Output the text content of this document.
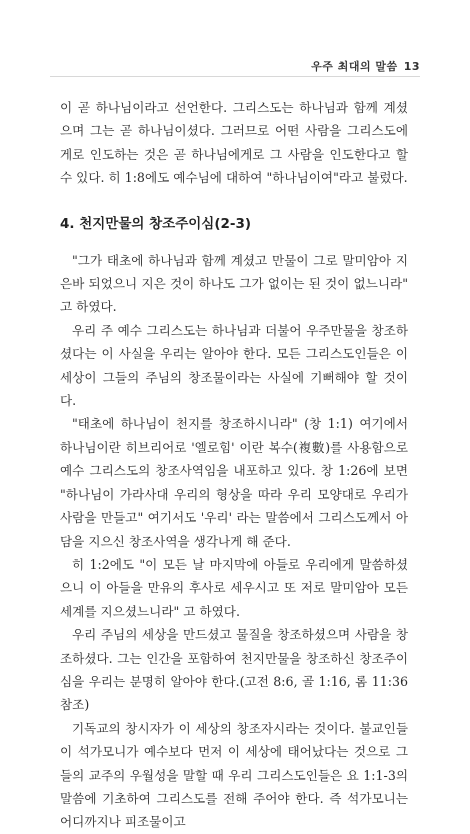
우주 최대의 말씀 13

이 곧 하나님이라고 선언한다. 그리스도는 하나님과 함께 계셨으며 그는 곧 하나님이셨다. 그러므로 어떤 사람을 그리스도에게로 인도하는 것은 곧 하나님에게로 그 사람을 인도한다고 할 수 있다. 히 1:8에도 예수님에 대하여 "하나님이여"라고 불렀다.

4. 천지만물의 창조주이심(2-3)

"그가 태초에 하나님과 함께 계셨고 만물이 그로 말미암아 지은바 되었으니 지은 것이 하나도 그가 없이는 된 것이 없느니라" 고 하였다.

우리 주 예수 그리스도는 하나님과 더불어 우주만물을 창조하셨다는 이 사실을 우리는 알아야 한다. 모든 그리스도인들은 이 세상이 그들의 주님의 창조물이라는 사실에 기뻐해야 할 것이다.

"태초에 하나님이 천지를 창조하시니라" (창 1:1) 여기에서 하나님이란 히브리어로 '엘로힘' 이란 복수(複數)를 사용함으로 예수 그리스도의 창조사역임을 내포하고 있다. 창 1:26에 보면 "하나님이 가라사대 우리의 형상을 따라 우리 모양대로 우리가 사람을 만들고" 여기서도 '우리' 라는 말씀에서 그리스도께서 아담을 지으신 창조사역을 생각나게 해 준다.

히 1:2에도 "이 모든 날 마지막에 아들로 우리에게 말씀하셨으니 이 아들을 만유의 후사로 세우시고 또 저로 말미암아 모든 세계를 지으셨느니라" 고 하였다.

우리 주님의 세상을 만드셨고 물질을 창조하셨으며 사람을 창조하셨다. 그는 인간을 포함하여 천지만물을 창조하신 창조주이심을 우리는 분명히 알아야 한다.(고전 8:6, 골 1:16, 롬 11:36 참조)

기독교의 창시자가 이 세상의 창조자시라는 것이다. 불교인들이 석가모니가 예수보다 먼저 이 세상에 태어났다는 것으로 그들의 교주의 우월성을 말할 때 우리 그리스도인들은 요 1:1-3의 말씀에 기초하여 그리스도를 전해 주어야 한다. 즉 석가모니는 어디까지나 피조물이고
